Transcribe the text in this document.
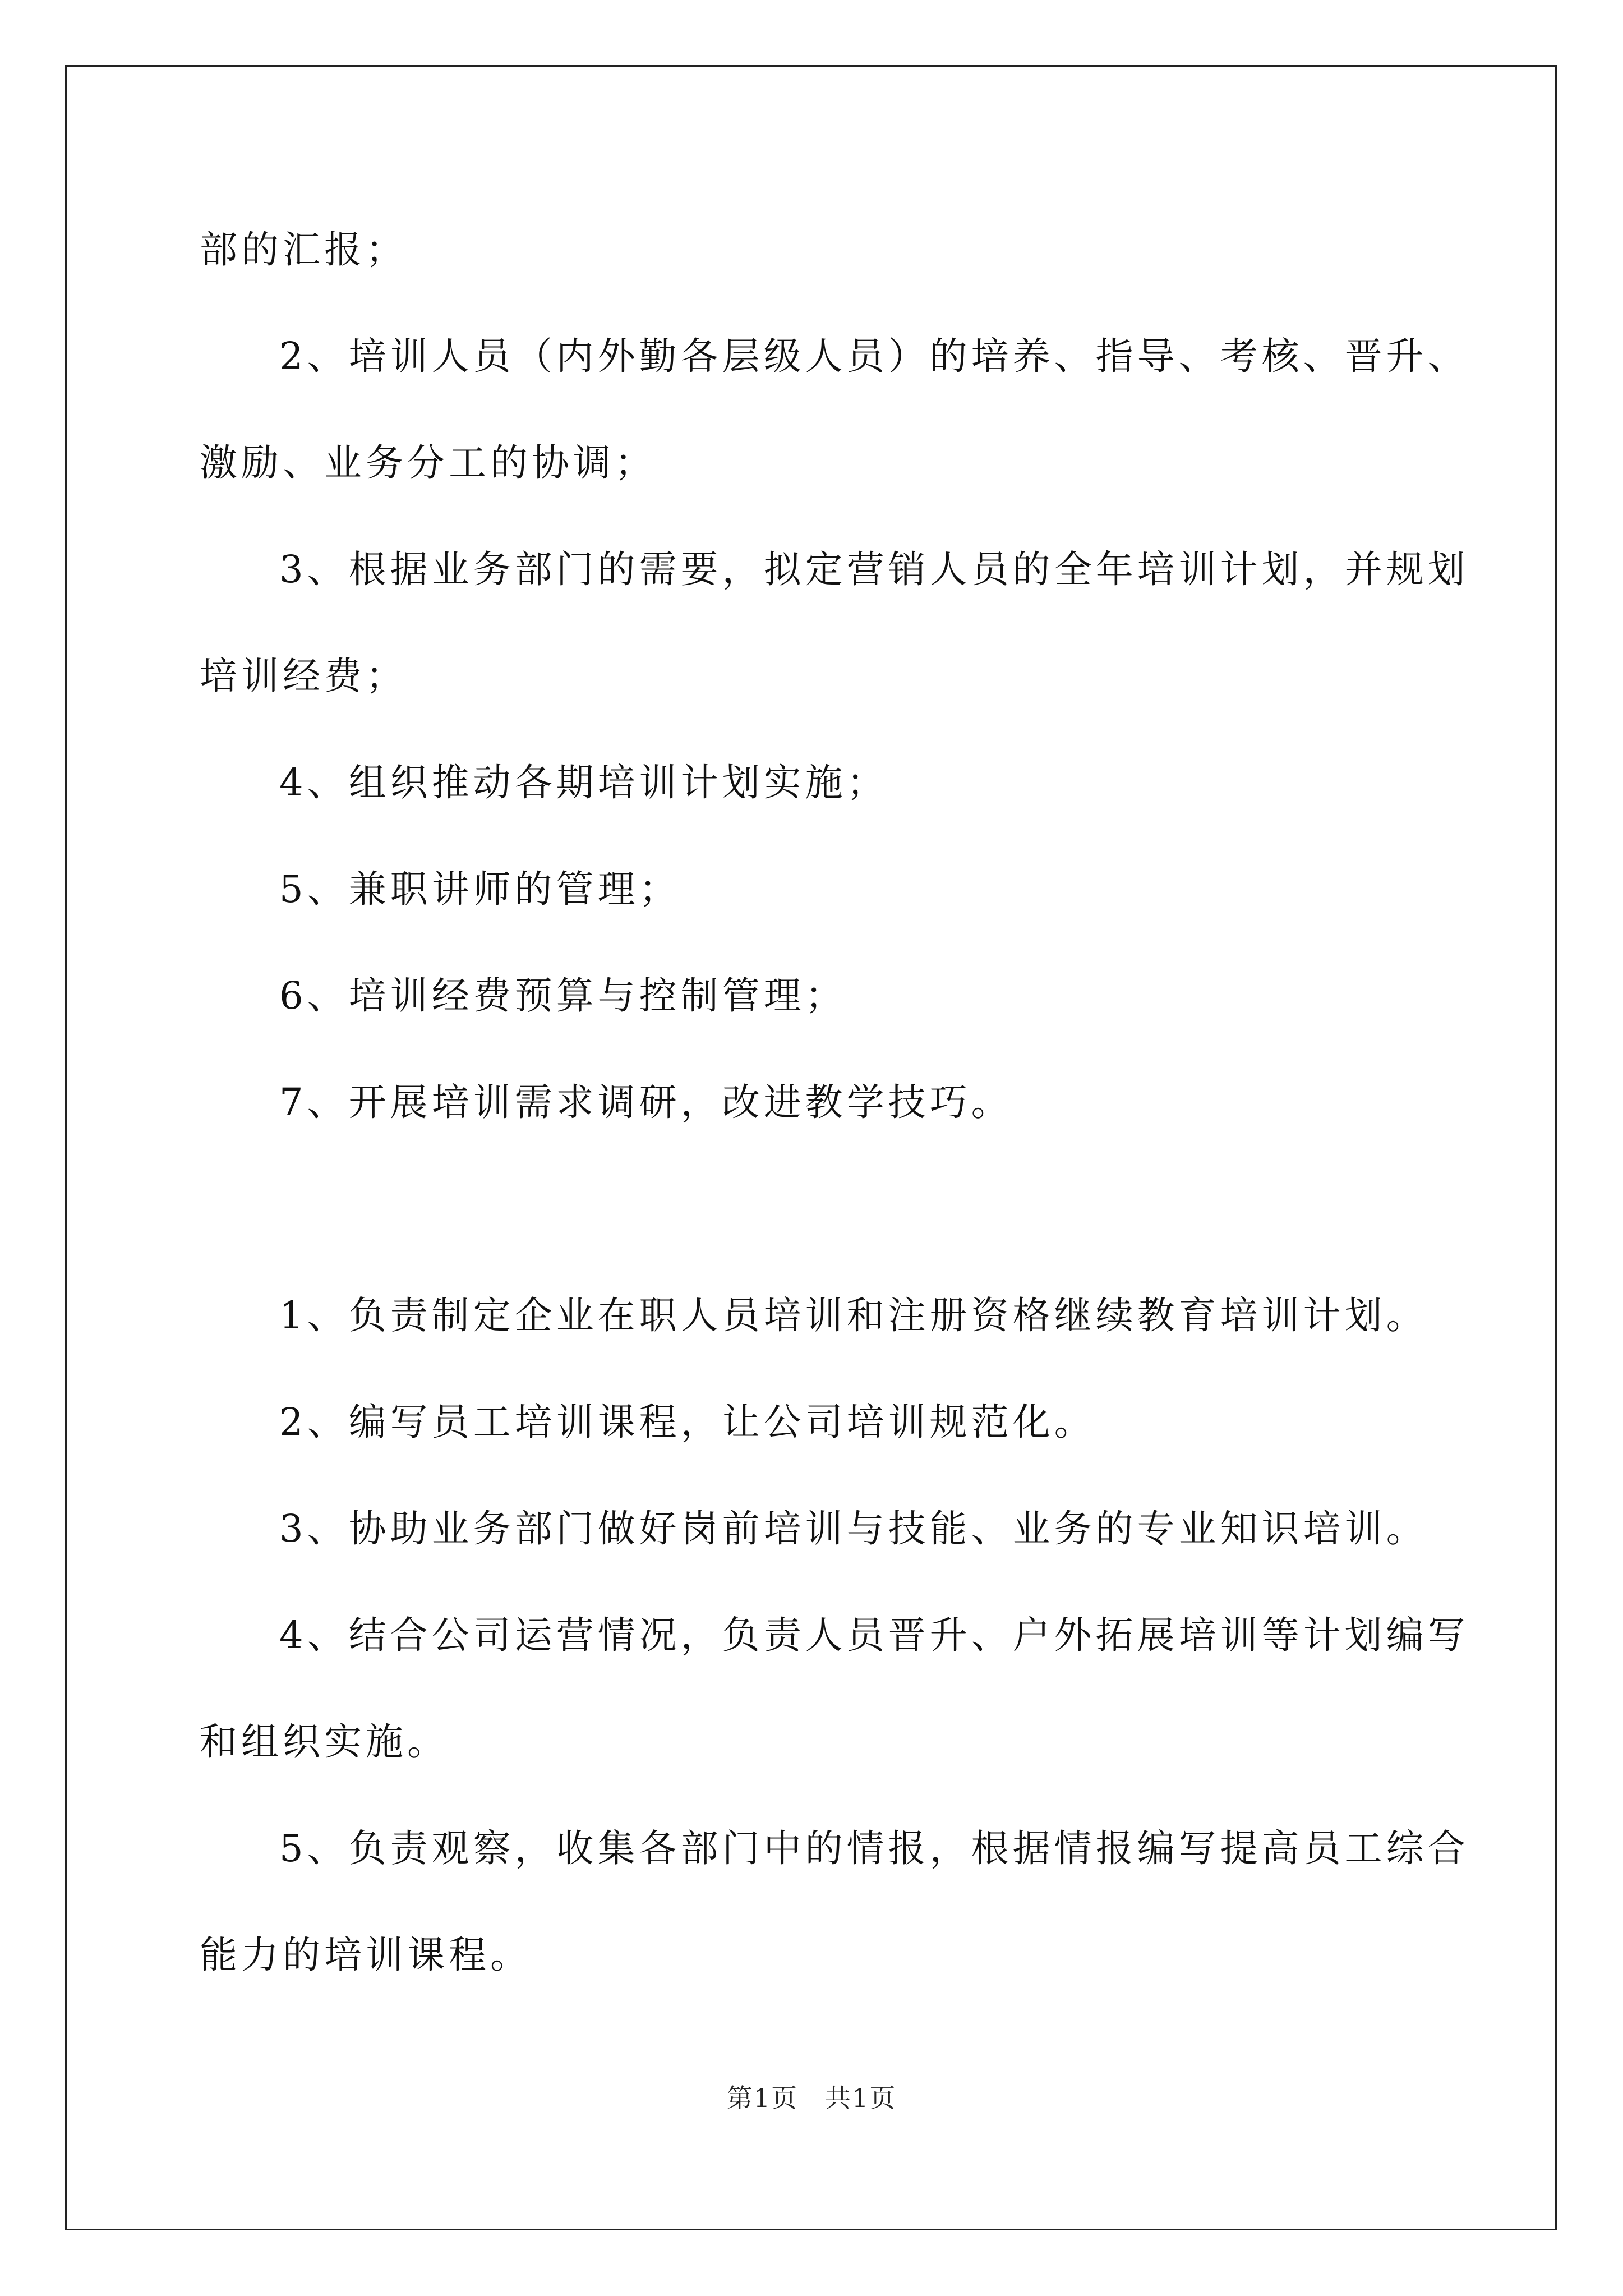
部的汇报；
2、培训人员（内外勤各层级人员）的培养、指导、考核、晋升、
激励、业务分工的协调；
3、根据业务部门的需要，拟定营销人员的全年培训计划，并规划
培训经费；
4、组织推动各期培训计划实施；
5、兼职讲师的管理；
6、培训经费预算与控制管理；
7、开展培训需求调研，改进教学技巧。
1、负责制定企业在职人员培训和注册资格继续教育培训计划。
2、编写员工培训课程，让公司培训规范化。
3、协助业务部门做好岗前培训与技能、业务的专业知识培训。
4、结合公司运营情况，负责人员晋升、户外拓展培训等计划编写
和组织实施。
5、负责观察，收集各部门中的情报，根据情报编写提高员工综合
能力的培训课程。
第1页　共1页
